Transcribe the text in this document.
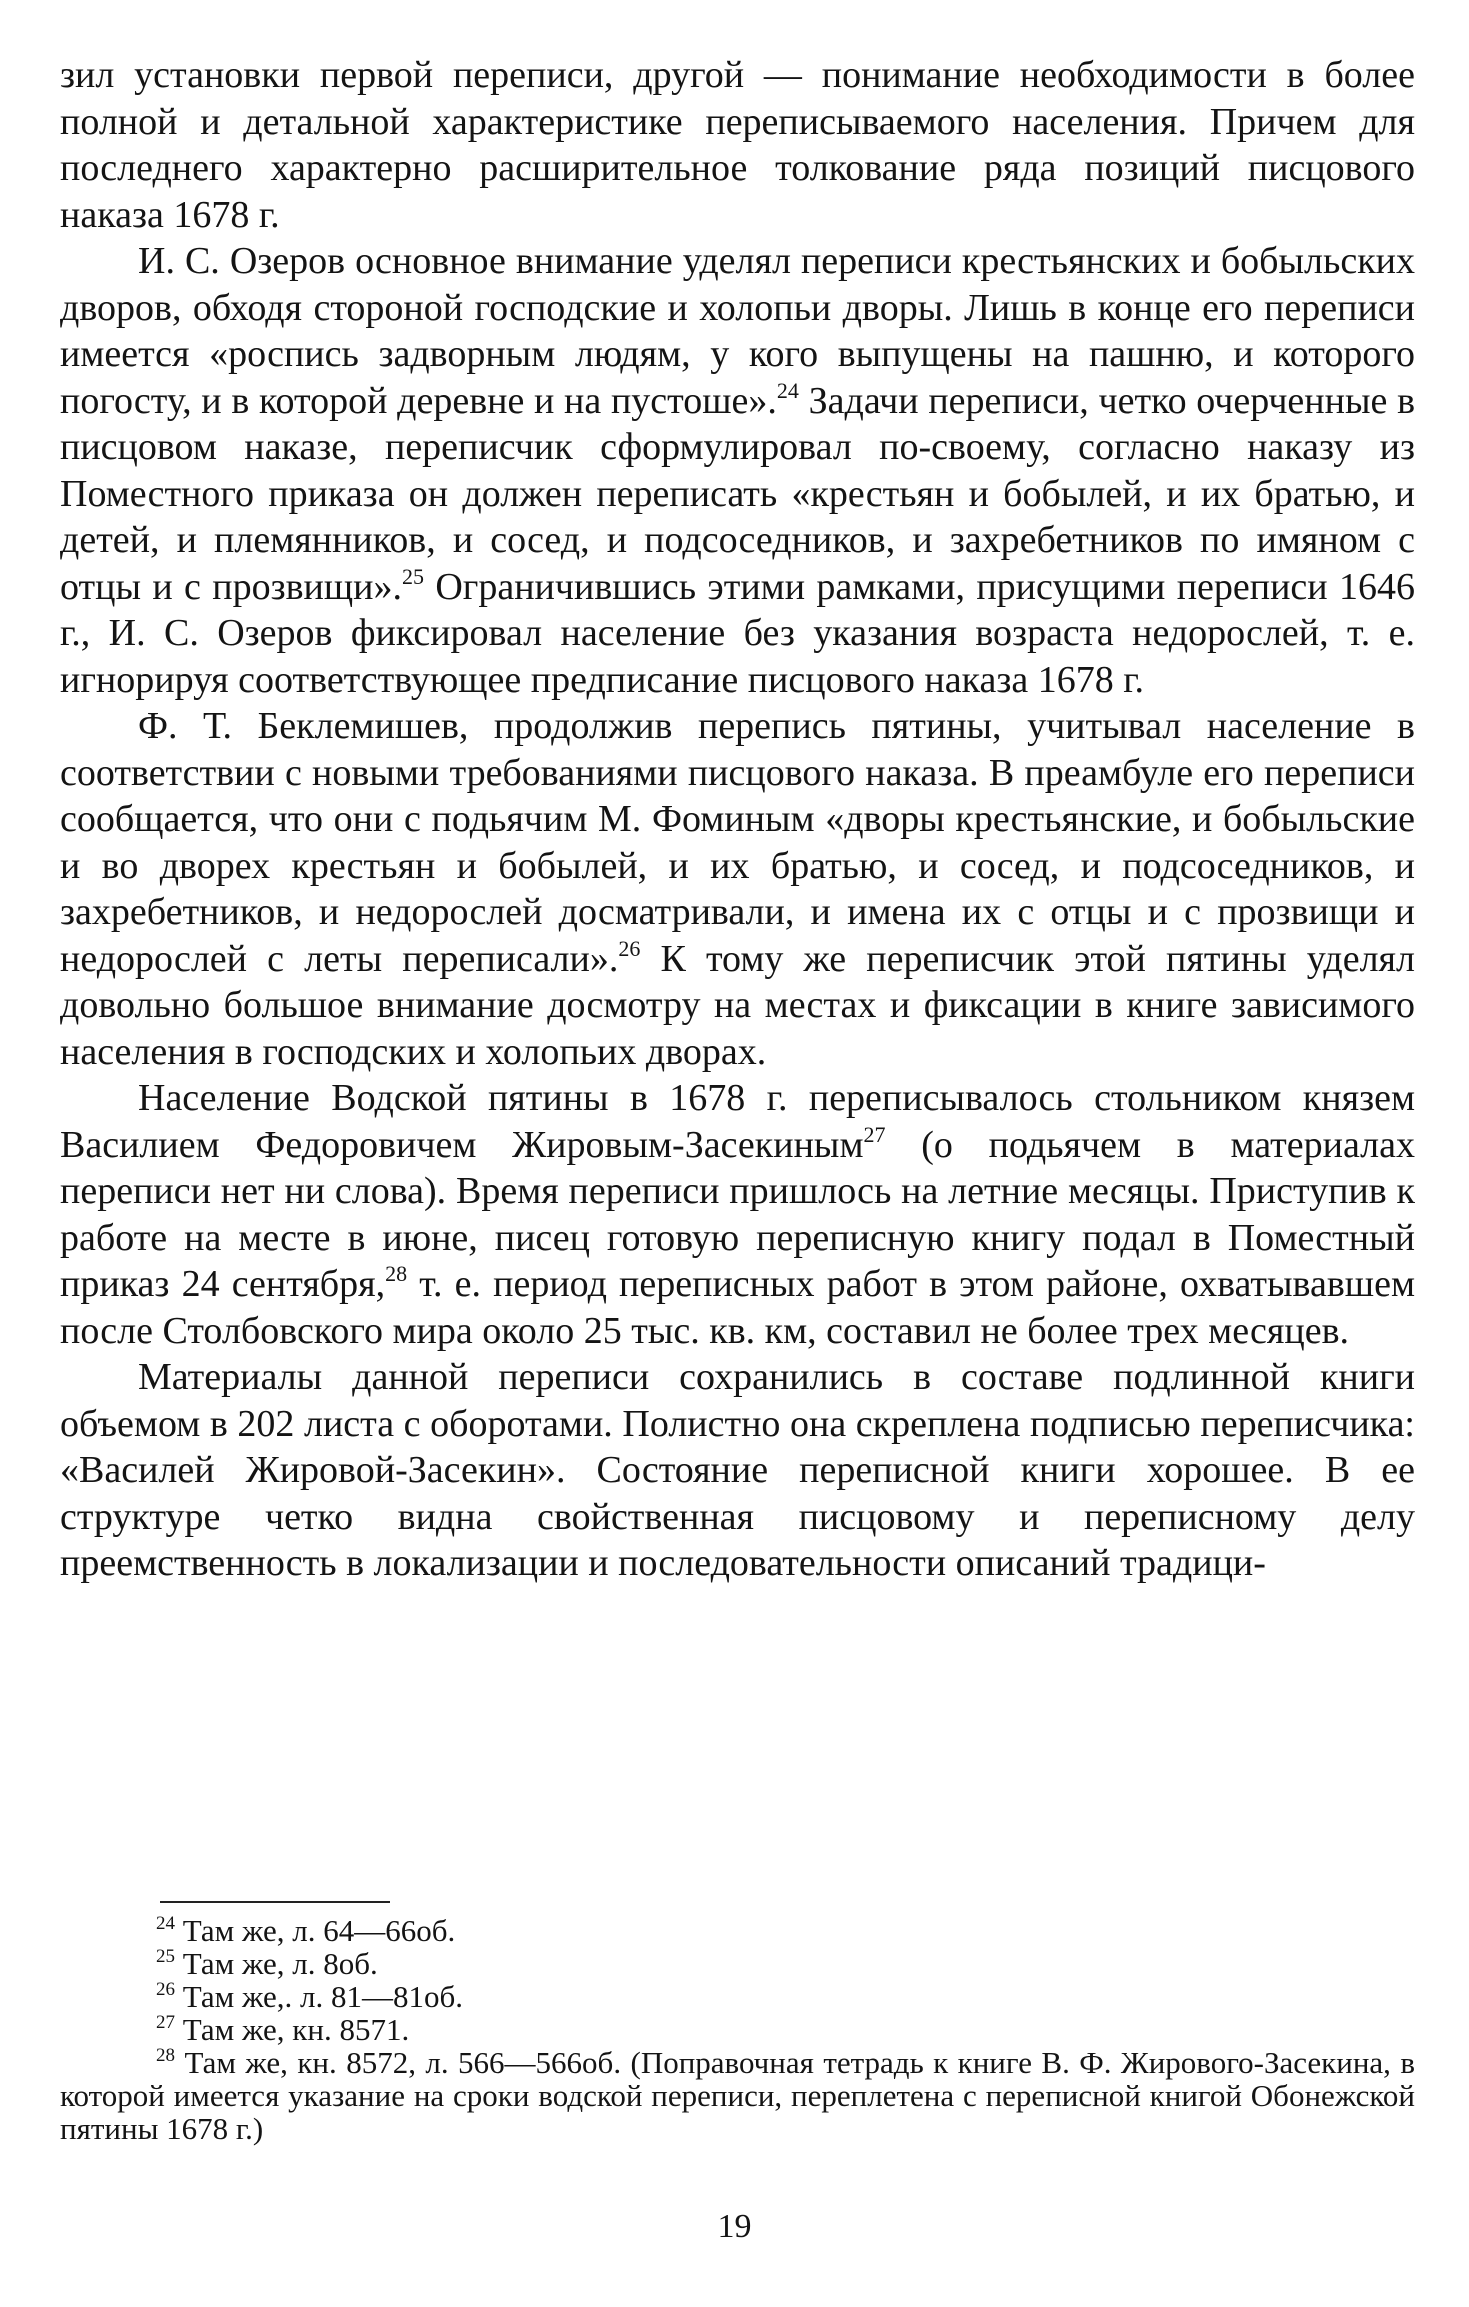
зил установки первой переписи, другой — понимание необходимости в более полной и детальной характеристике переписываемого населения. Причем для последнего характерно расширительное толкование ряда позиций писцового наказа 1678 г.

И. С. Озеров основное внимание уделял переписи крестьянских и бобыльских дворов, обходя стороной господские и холопьи дворы. Лишь в конце его переписи имеется «роспись задворным людям, у кого выпущены на пашню, и которого погосту, и в которой деревне и на пустоше».$^{24}$ Задачи переписи, четко очерченные в писцовом наказе, переписчик сформулировал по-своему, согласно наказу из Поместного приказа он должен переписать «крестьян и бобылей, и их братью, и детей, и племянников, и сосед, и подсоседников, и захребетников по имяном с отцы и с прозвищи».$^{25}$ Ограничившись этими рамками, присущими переписи 1646 г., И. С. Озеров фиксировал население без указания возраста недорослей, т. е. игнорируя соответствующее предписание писцового наказа 1678 г.

Ф. Т. Беклемишев, продолжив перепись пятины, учитывал население в соответствии с новыми требованиями писцового наказа. В преамбуле его переписи сообщается, что они с подьячим М. Фоминым «дворы крестьянские, и бобыльские и во дворех крестьян и бобылей, и их братью, и сосед, и подсоседников, и захребетников, и недорослей досматривали, и имена их с отцы и с прозвищи и недорослей с леты переписали».$^{26}$ К тому же переписчик этой пятины уделял довольно большое внимание досмотру на местах и фиксации в книге зависимого населения в господских и холопьих дворах.

Население Водской пятины в 1678 г. переписывалось стольником князем Василием Федоровичем Жировым-Засекиным$^{27}$ (о подьячем в материалах переписи нет ни слова). Время переписи пришлось на летние месяцы. Приступив к работе на месте в июне, писец готовую переписную книгу подал в Поместный приказ 24 сентября,$^{28}$ т. е. период переписных работ в этом районе, охватывавшем после Столбовского мира около 25 тыс. кв. км, составил не более трех месяцев.

Материалы данной переписи сохранились в составе подлинной книги объемом в 202 листа с оборотами. Полистно она скреплена подписью переписчика: «Василей Жировой-Засекин». Состояние переписной книги хорошее. В ее структуре четко видна свойственная писцовому и переписному делу преемственность в локализации и последовательности описаний традици-

$^{24}$ Там же, л. 64—66об.

$^{25}$ Там же, л. 8об.

$^{26}$ Там же,. л. 81—81об.

$^{27}$ Там же, кн. 8571.

$^{28}$ Там же, кн. 8572, л. 566—566об. (Поправочная тетрадь к книге В. Ф. Жирового-Засекина, в которой имеется указание на сроки водской переписи, переплетена с переписной книгой Обонежской пятины 1678 г.)

19
